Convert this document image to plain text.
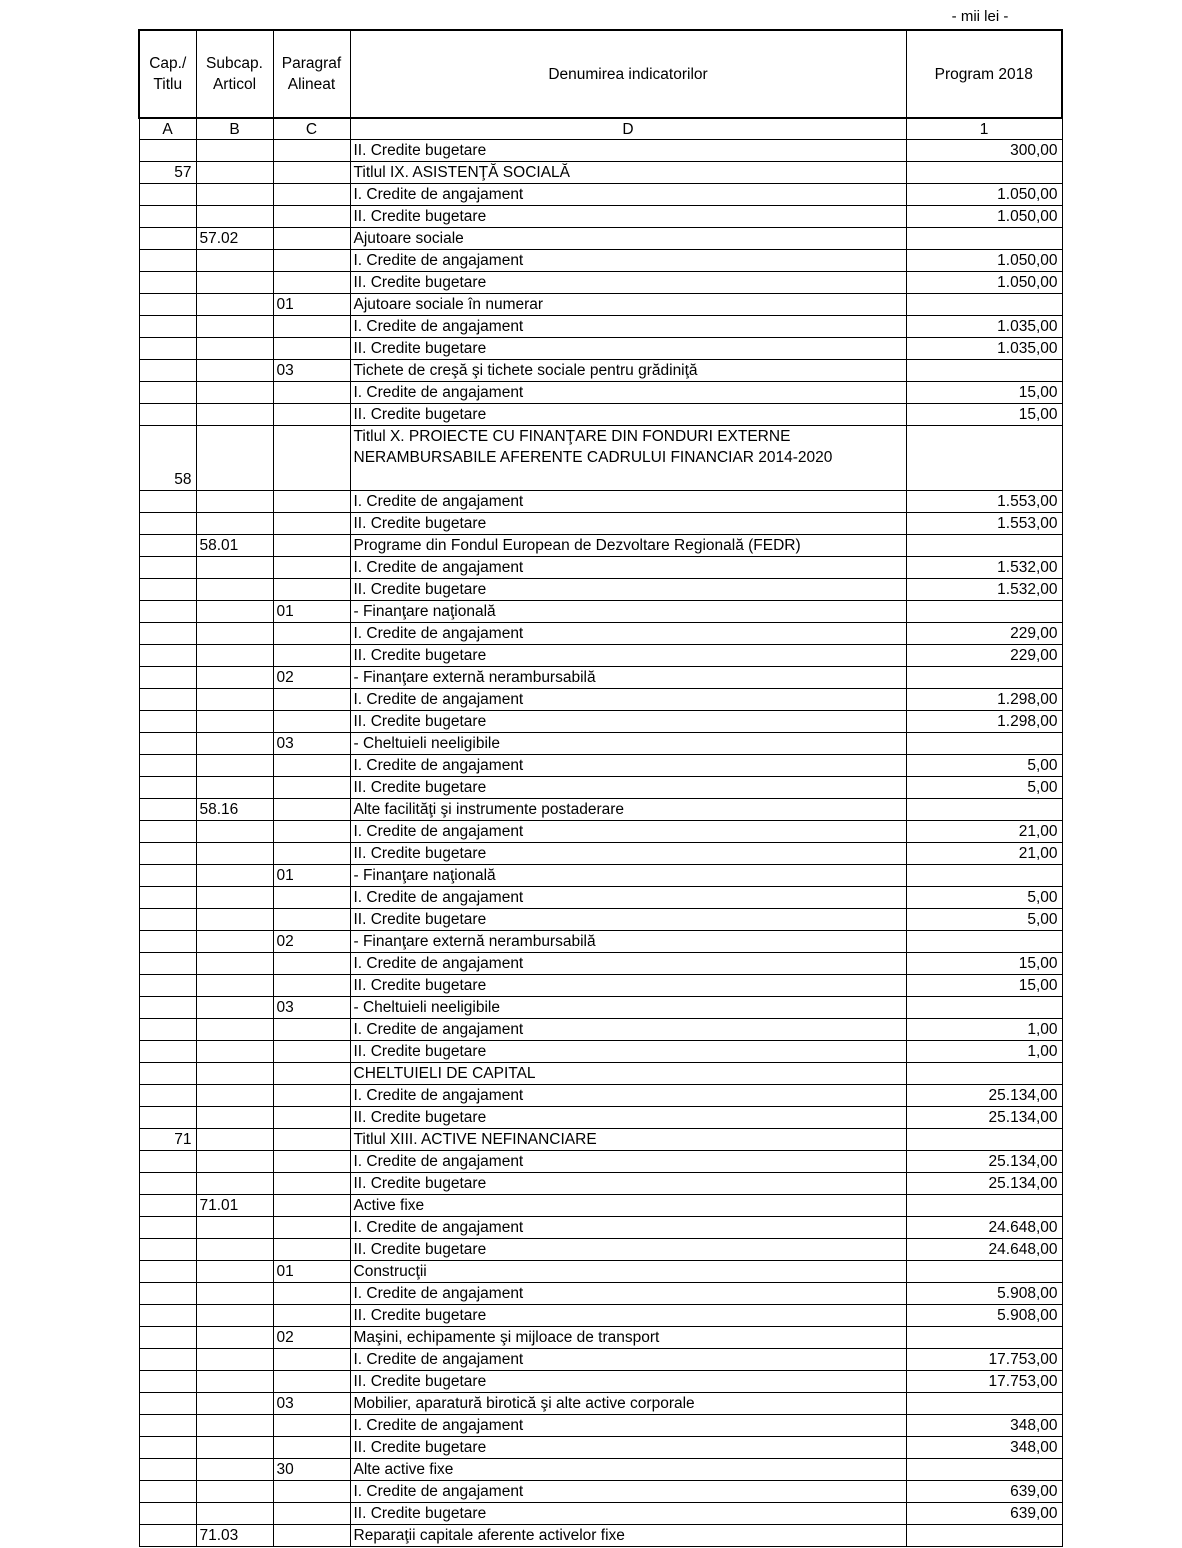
- mii lei -
Cap./ Titlu	Subcap. Articol	Paragraf Alineat	Denumirea indicatorilor	Program 2018
A	B	C	D	1
			II. Credite bugetare	300,00
57			Titlul IX. ASISTENŢĂ SOCIALĂ	
			I. Credite de angajament	1.050,00
			II. Credite bugetare	1.050,00
	57.02		Ajutoare sociale	
			I. Credite de angajament	1.050,00
			II. Credite bugetare	1.050,00
		01	Ajutoare sociale în numerar	
			I. Credite de angajament	1.035,00
			II. Credite bugetare	1.035,00
		03	Tichete de creşă şi tichete sociale pentru grădiniţă	
			I. Credite de angajament	15,00
			II. Credite bugetare	15,00
58			Titlul X. PROIECTE CU FINANŢARE DIN FONDURI EXTERNE NERAMBURSABILE AFERENTE CADRULUI FINANCIAR 2014-2020	
			I. Credite de angajament	1.553,00
			II. Credite bugetare	1.553,00
	58.01		Programe din Fondul European de Dezvoltare Regională (FEDR)	
			I. Credite de angajament	1.532,00
			II. Credite bugetare	1.532,00
		01	- Finanţare naţională	
			I. Credite de angajament	229,00
			II. Credite bugetare	229,00
		02	- Finanţare externă nerambursabilă	
			I. Credite de angajament	1.298,00
			II. Credite bugetare	1.298,00
		03	- Cheltuieli neeligibile	
			I. Credite de angajament	5,00
			II. Credite bugetare	5,00
	58.16		Alte facilităţi şi instrumente postaderare	
			I. Credite de angajament	21,00
			II. Credite bugetare	21,00
		01	- Finanţare naţională	
			I. Credite de angajament	5,00
			II. Credite bugetare	5,00
		02	- Finanţare externă nerambursabilă	
			I. Credite de angajament	15,00
			II. Credite bugetare	15,00
		03	- Cheltuieli neeligibile	
			I. Credite de angajament	1,00
			II. Credite bugetare	1,00
			CHELTUIELI DE CAPITAL	
			I. Credite de angajament	25.134,00
			II. Credite bugetare	25.134,00
71			Titlul XIII. ACTIVE NEFINANCIARE	
			I. Credite de angajament	25.134,00
			II. Credite bugetare	25.134,00
	71.01		Active fixe	
			I. Credite de angajament	24.648,00
			II. Credite bugetare	24.648,00
		01	Construcţii	
			I. Credite de angajament	5.908,00
			II. Credite bugetare	5.908,00
		02	Maşini, echipamente şi mijloace de transport	
			I. Credite de angajament	17.753,00
			II. Credite bugetare	17.753,00
		03	Mobilier, aparatură birotică şi alte active corporale	
			I. Credite de angajament	348,00
			II. Credite bugetare	348,00
		30	Alte active fixe	
			I. Credite de angajament	639,00
			II. Credite bugetare	639,00
	71.03		Reparaţii capitale aferente activelor fixe	
